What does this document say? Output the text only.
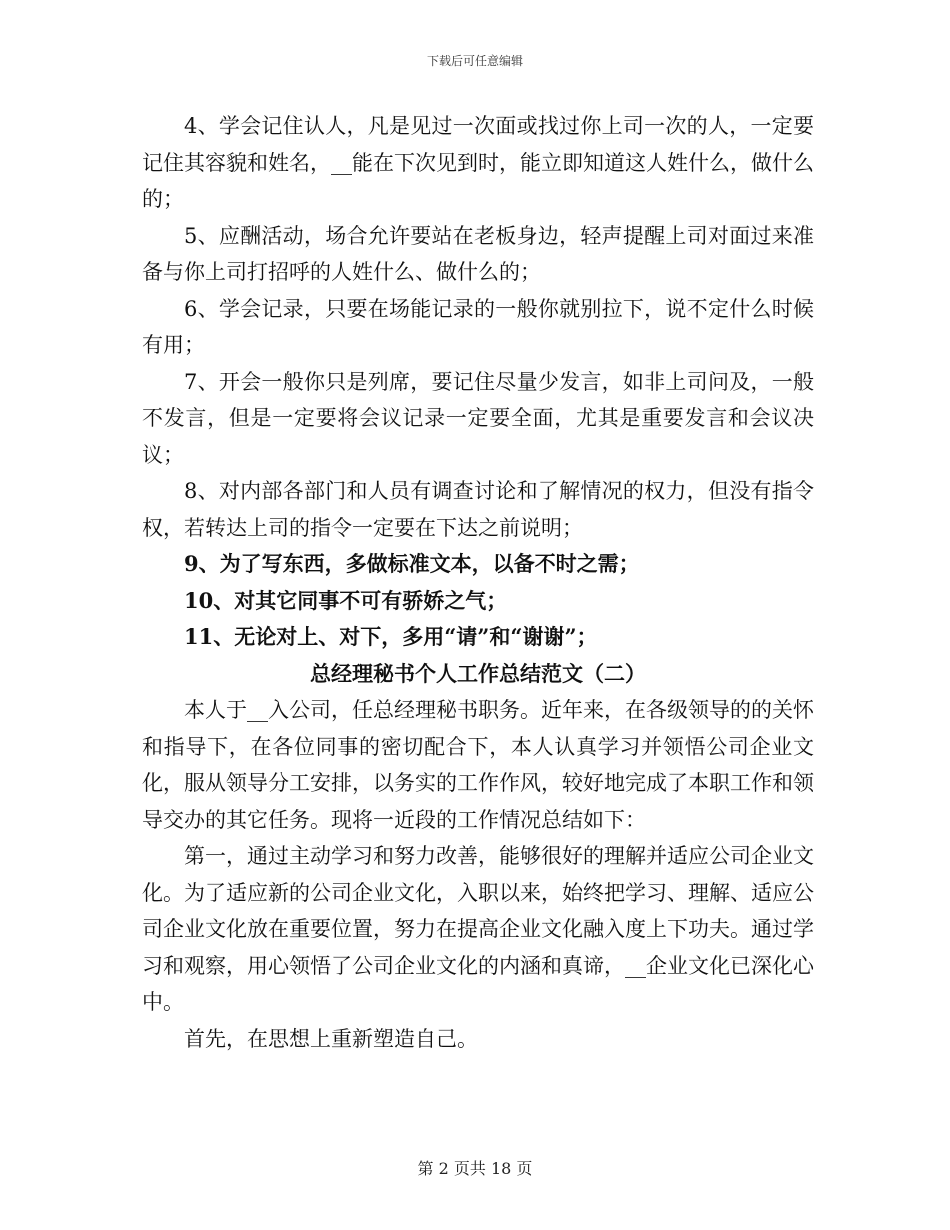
下载后可任意编辑

4、学会记住认人，凡是见过一次面或找过你上司一次的人，一定要记住其容貌和姓名，__能在下次见到时，能立即知道这人姓什么，做什么的；

5、应酬活动，场合允许要站在老板身边，轻声提醒上司对面过来准备与你上司打招呼的人姓什么、做什么的；

6、学会记录，只要在场能记录的一般你就别拉下，说不定什么时候有用；

7、开会一般你只是列席，要记住尽量少发言，如非上司问及，一般不发言，但是一定要将会议记录一定要全面，尤其是重要发言和会议决议；

8、对内部各部门和人员有调查讨论和了解情况的权力，但没有指令权，若转达上司的指令一定要在下达之前说明；

9、为了写东西，多做标准文本，以备不时之需；

10、对其它同事不可有骄娇之气；

11、无论对上、对下，多用“请”和“谢谢”；

总经理秘书个人工作总结范文（二）

本人于__入公司，任总经理秘书职务。近年来，在各级领导的的关怀和指导下，在各位同事的密切配合下，本人认真学习并领悟公司企业文化，服从领导分工安排，以务实的工作作风，较好地完成了本职工作和领导交办的其它任务。现将一近段的工作情况总结如下：

第一，通过主动学习和努力改善，能够很好的理解并适应公司企业文化。为了适应新的公司企业文化，入职以来，始终把学习、理解、适应公司企业文化放在重要位置，努力在提高企业文化融入度上下功夫。通过学习和观察，用心领悟了公司企业文化的内涵和真谛，__企业文化已深化心中。

首先，在思想上重新塑造自己。

第 2 页共 18 页
